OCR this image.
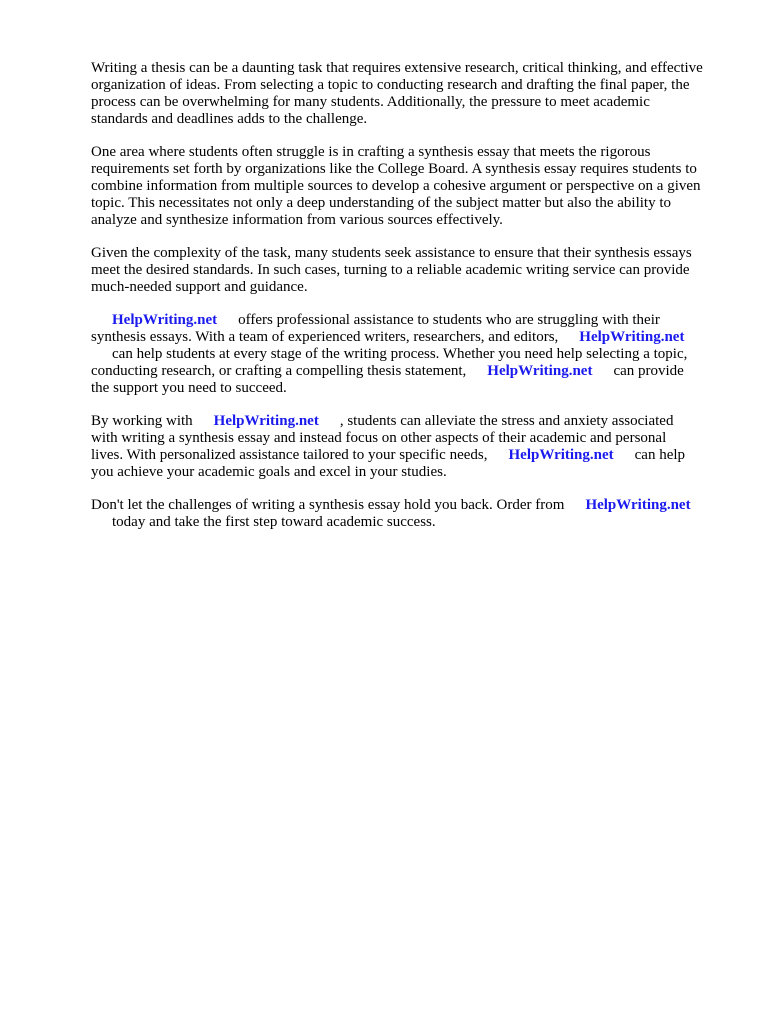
Writing a thesis can be a daunting task that requires extensive research, critical thinking, and effective
organization of ideas. From selecting a topic to conducting research and drafting the final paper, the
process can be overwhelming for many students. Additionally, the pressure to meet academic
standards and deadlines adds to the challenge.

One area where students often struggle is in crafting a synthesis essay that meets the rigorous
requirements set forth by organizations like the College Board. A synthesis essay requires students to
combine information from multiple sources to develop a cohesive argument or perspective on a given
topic. This necessitates not only a deep understanding of the subject matter but also the ability to
analyze and synthesize information from various sources effectively.

Given the complexity of the task, many students seek assistance to ensure that their synthesis essays
meet the desired standards. In such cases, turning to a reliable academic writing service can provide
much-needed support and guidance.

HelpWriting.net offers professional assistance to students who are struggling with their
synthesis essays. With a team of experienced writers, researchers, and editors, HelpWriting.net
can help students at every stage of the writing process. Whether you need help selecting a topic,
conducting research, or crafting a compelling thesis statement, HelpWriting.net can provide
the support you need to succeed.

By working with HelpWriting.net , students can alleviate the stress and anxiety associated
with writing a synthesis essay and instead focus on other aspects of their academic and personal
lives. With personalized assistance tailored to your specific needs, HelpWriting.net can help
you achieve your academic goals and excel in your studies.

Don't let the challenges of writing a synthesis essay hold you back. Order from HelpWriting.net
today and take the first step toward academic success.
